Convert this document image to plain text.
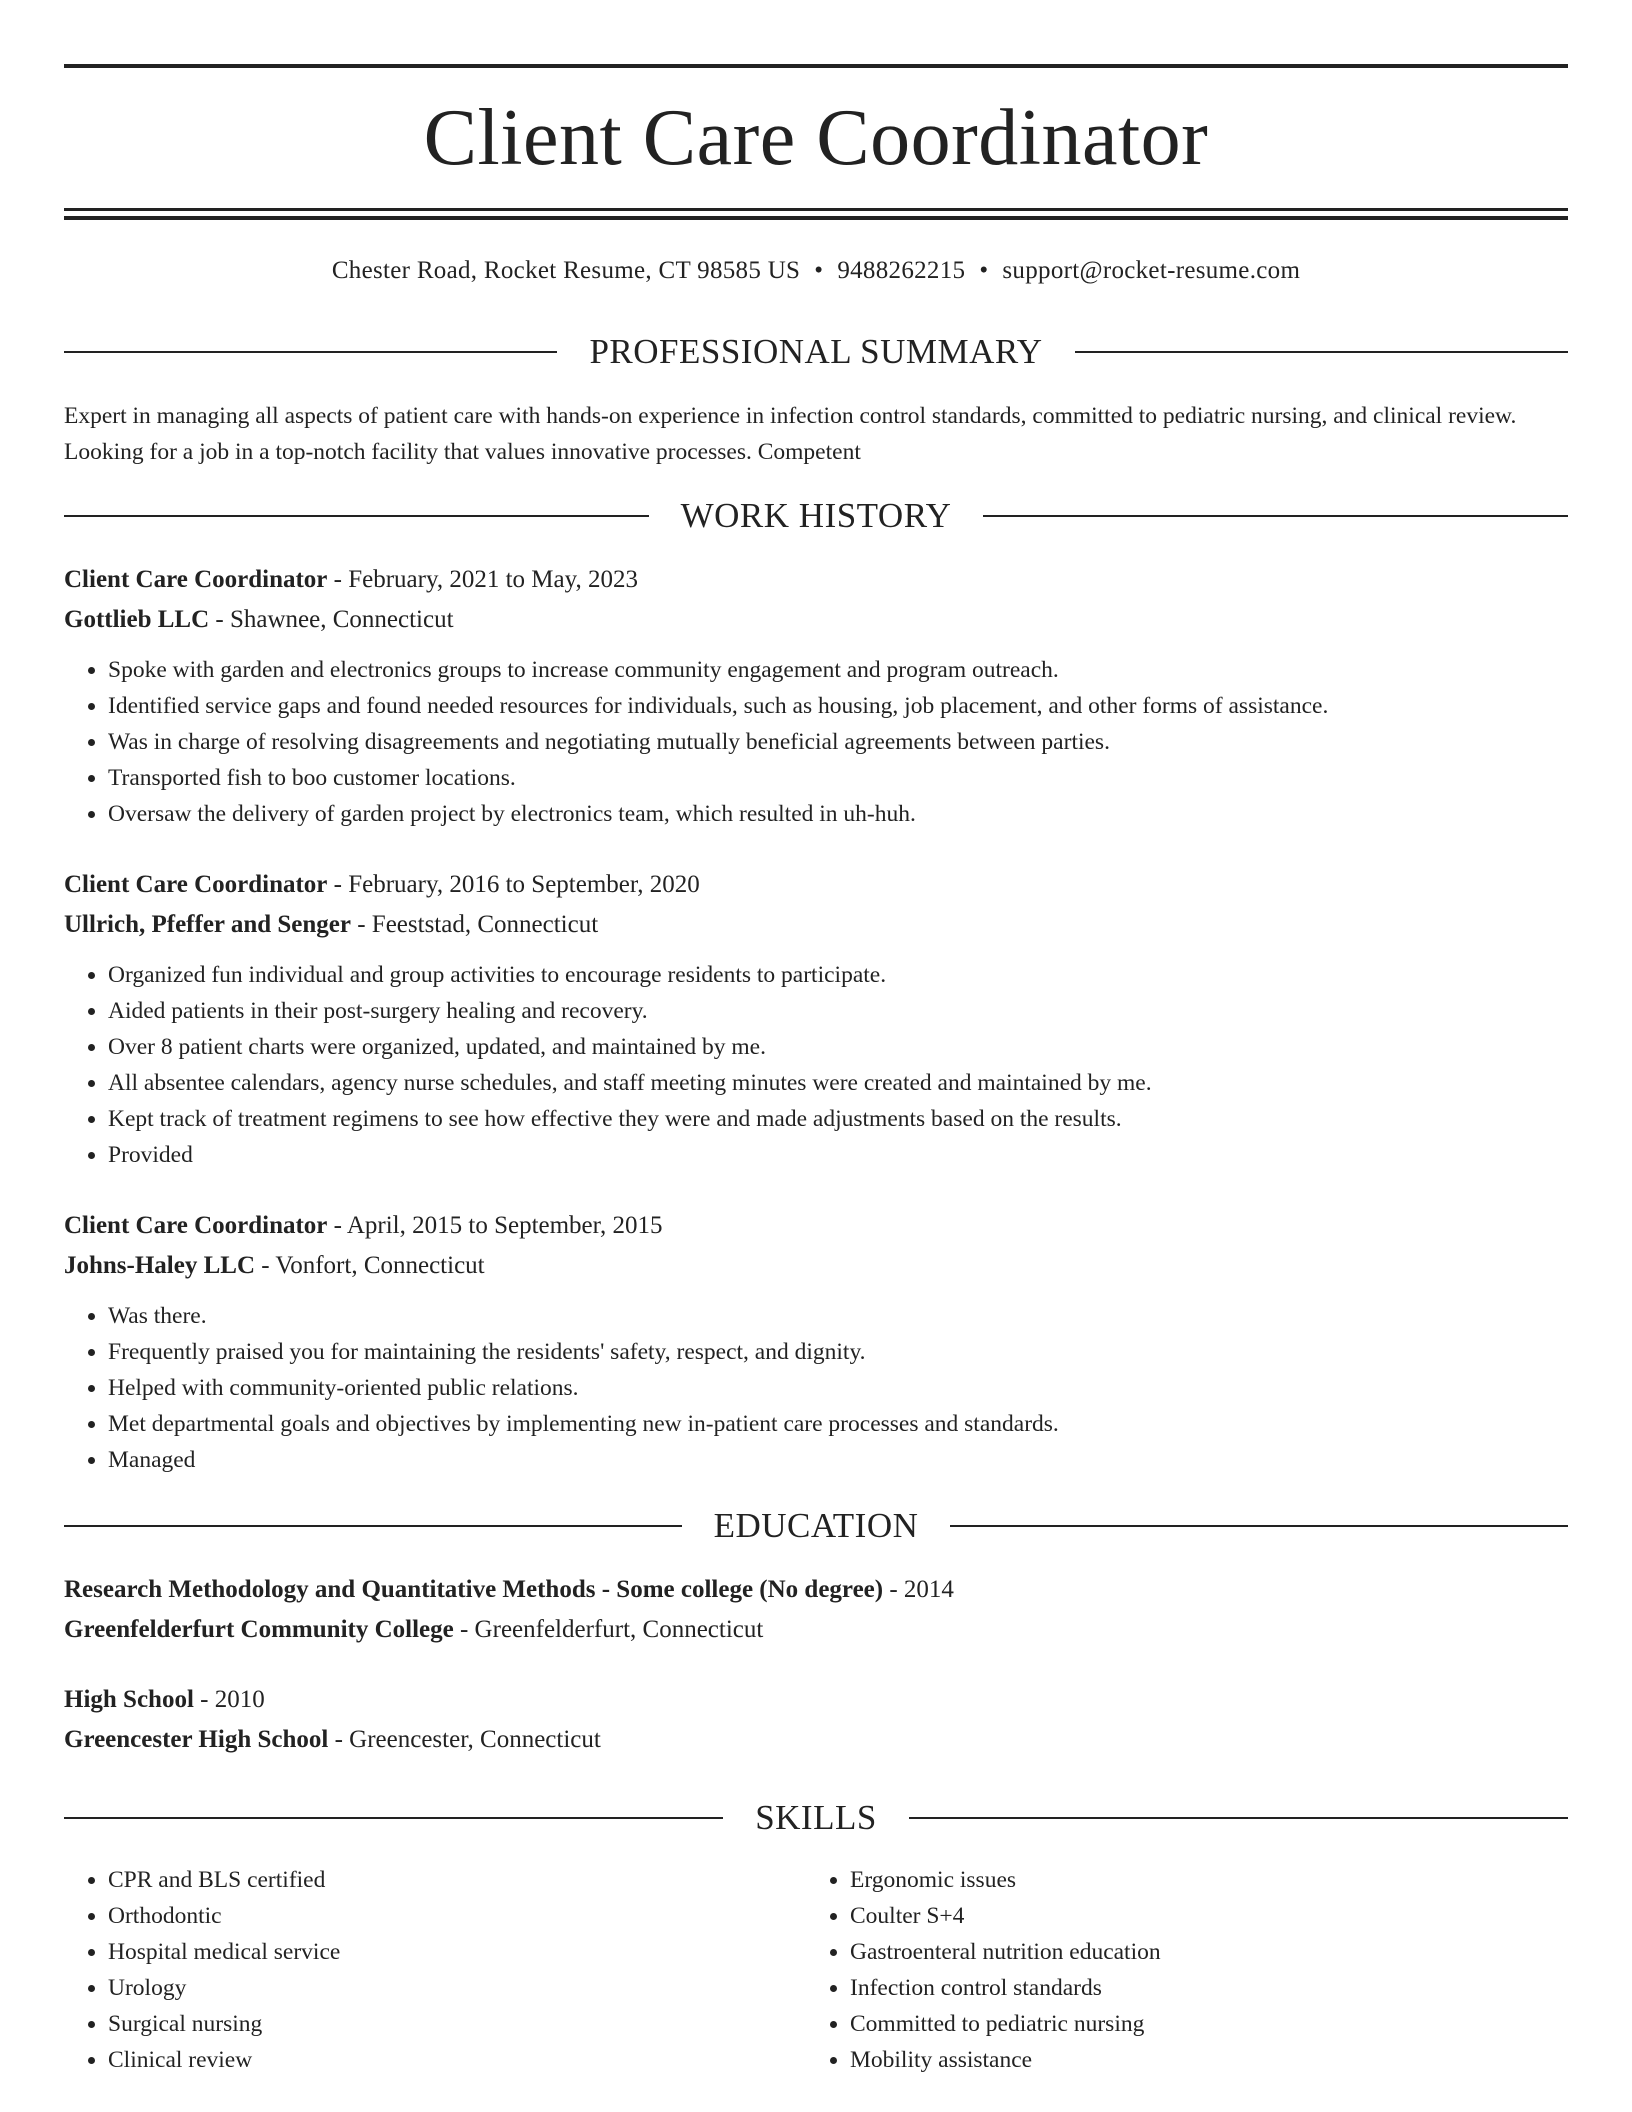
Client Care Coordinator
Chester Road, Rocket Resume, CT 98585 US • 9488262215 • support@rocket-resume.com
PROFESSIONAL SUMMARY

Expert in managing all aspects of patient care with hands-on experience in infection control standards, committed to pediatric nursing, and clinical review. Looking for a job in a top-notch facility that values innovative processes. Competent

WORK HISTORY
Client Care Coordinator - February, 2021 to May, 2023
Gottlieb LLC - Shawnee, Connecticut
• Spoke with garden and electronics groups to increase community engagement and program outreach.
• Identified service gaps and found needed resources for individuals, such as housing, job placement, and other forms of assistance.
• Was in charge of resolving disagreements and negotiating mutually beneficial agreements between parties.
• Transported fish to boo customer locations.
• Oversaw the delivery of garden project by electronics team, which resulted in uh-huh.
Client Care Coordinator - February, 2016 to September, 2020
Ullrich, Pfeffer and Senger - Feeststad, Connecticut
• Organized fun individual and group activities to encourage residents to participate.
• Aided patients in their post-surgery healing and recovery.
• Over 8 patient charts were organized, updated, and maintained by me.
• All absentee calendars, agency nurse schedules, and staff meeting minutes were created and maintained by me.
• Kept track of treatment regimens to see how effective they were and made adjustments based on the results.
• Provided
Client Care Coordinator - April, 2015 to September, 2015
Johns-Haley LLC - Vonfort, Connecticut
• Was there.
• Frequently praised you for maintaining the residents' safety, respect, and dignity.
• Helped with community-oriented public relations.
• Met departmental goals and objectives by implementing new in-patient care processes and standards.
• Managed
EDUCATION
Research Methodology and Quantitative Methods - Some college (No degree) - 2014
Greenfelderfurt Community College - Greenfelderfurt, Connecticut
High School - 2010
Greencester High School - Greencester, Connecticut
SKILLS
• CPR and BLS certified
• Orthodontic
• Hospital medical service
• Urology
• Surgical nursing
• Clinical review
• Ergonomic issues
• Coulter S+4
• Gastroenteral nutrition education
• Infection control standards
• Committed to pediatric nursing
• Mobility assistance
